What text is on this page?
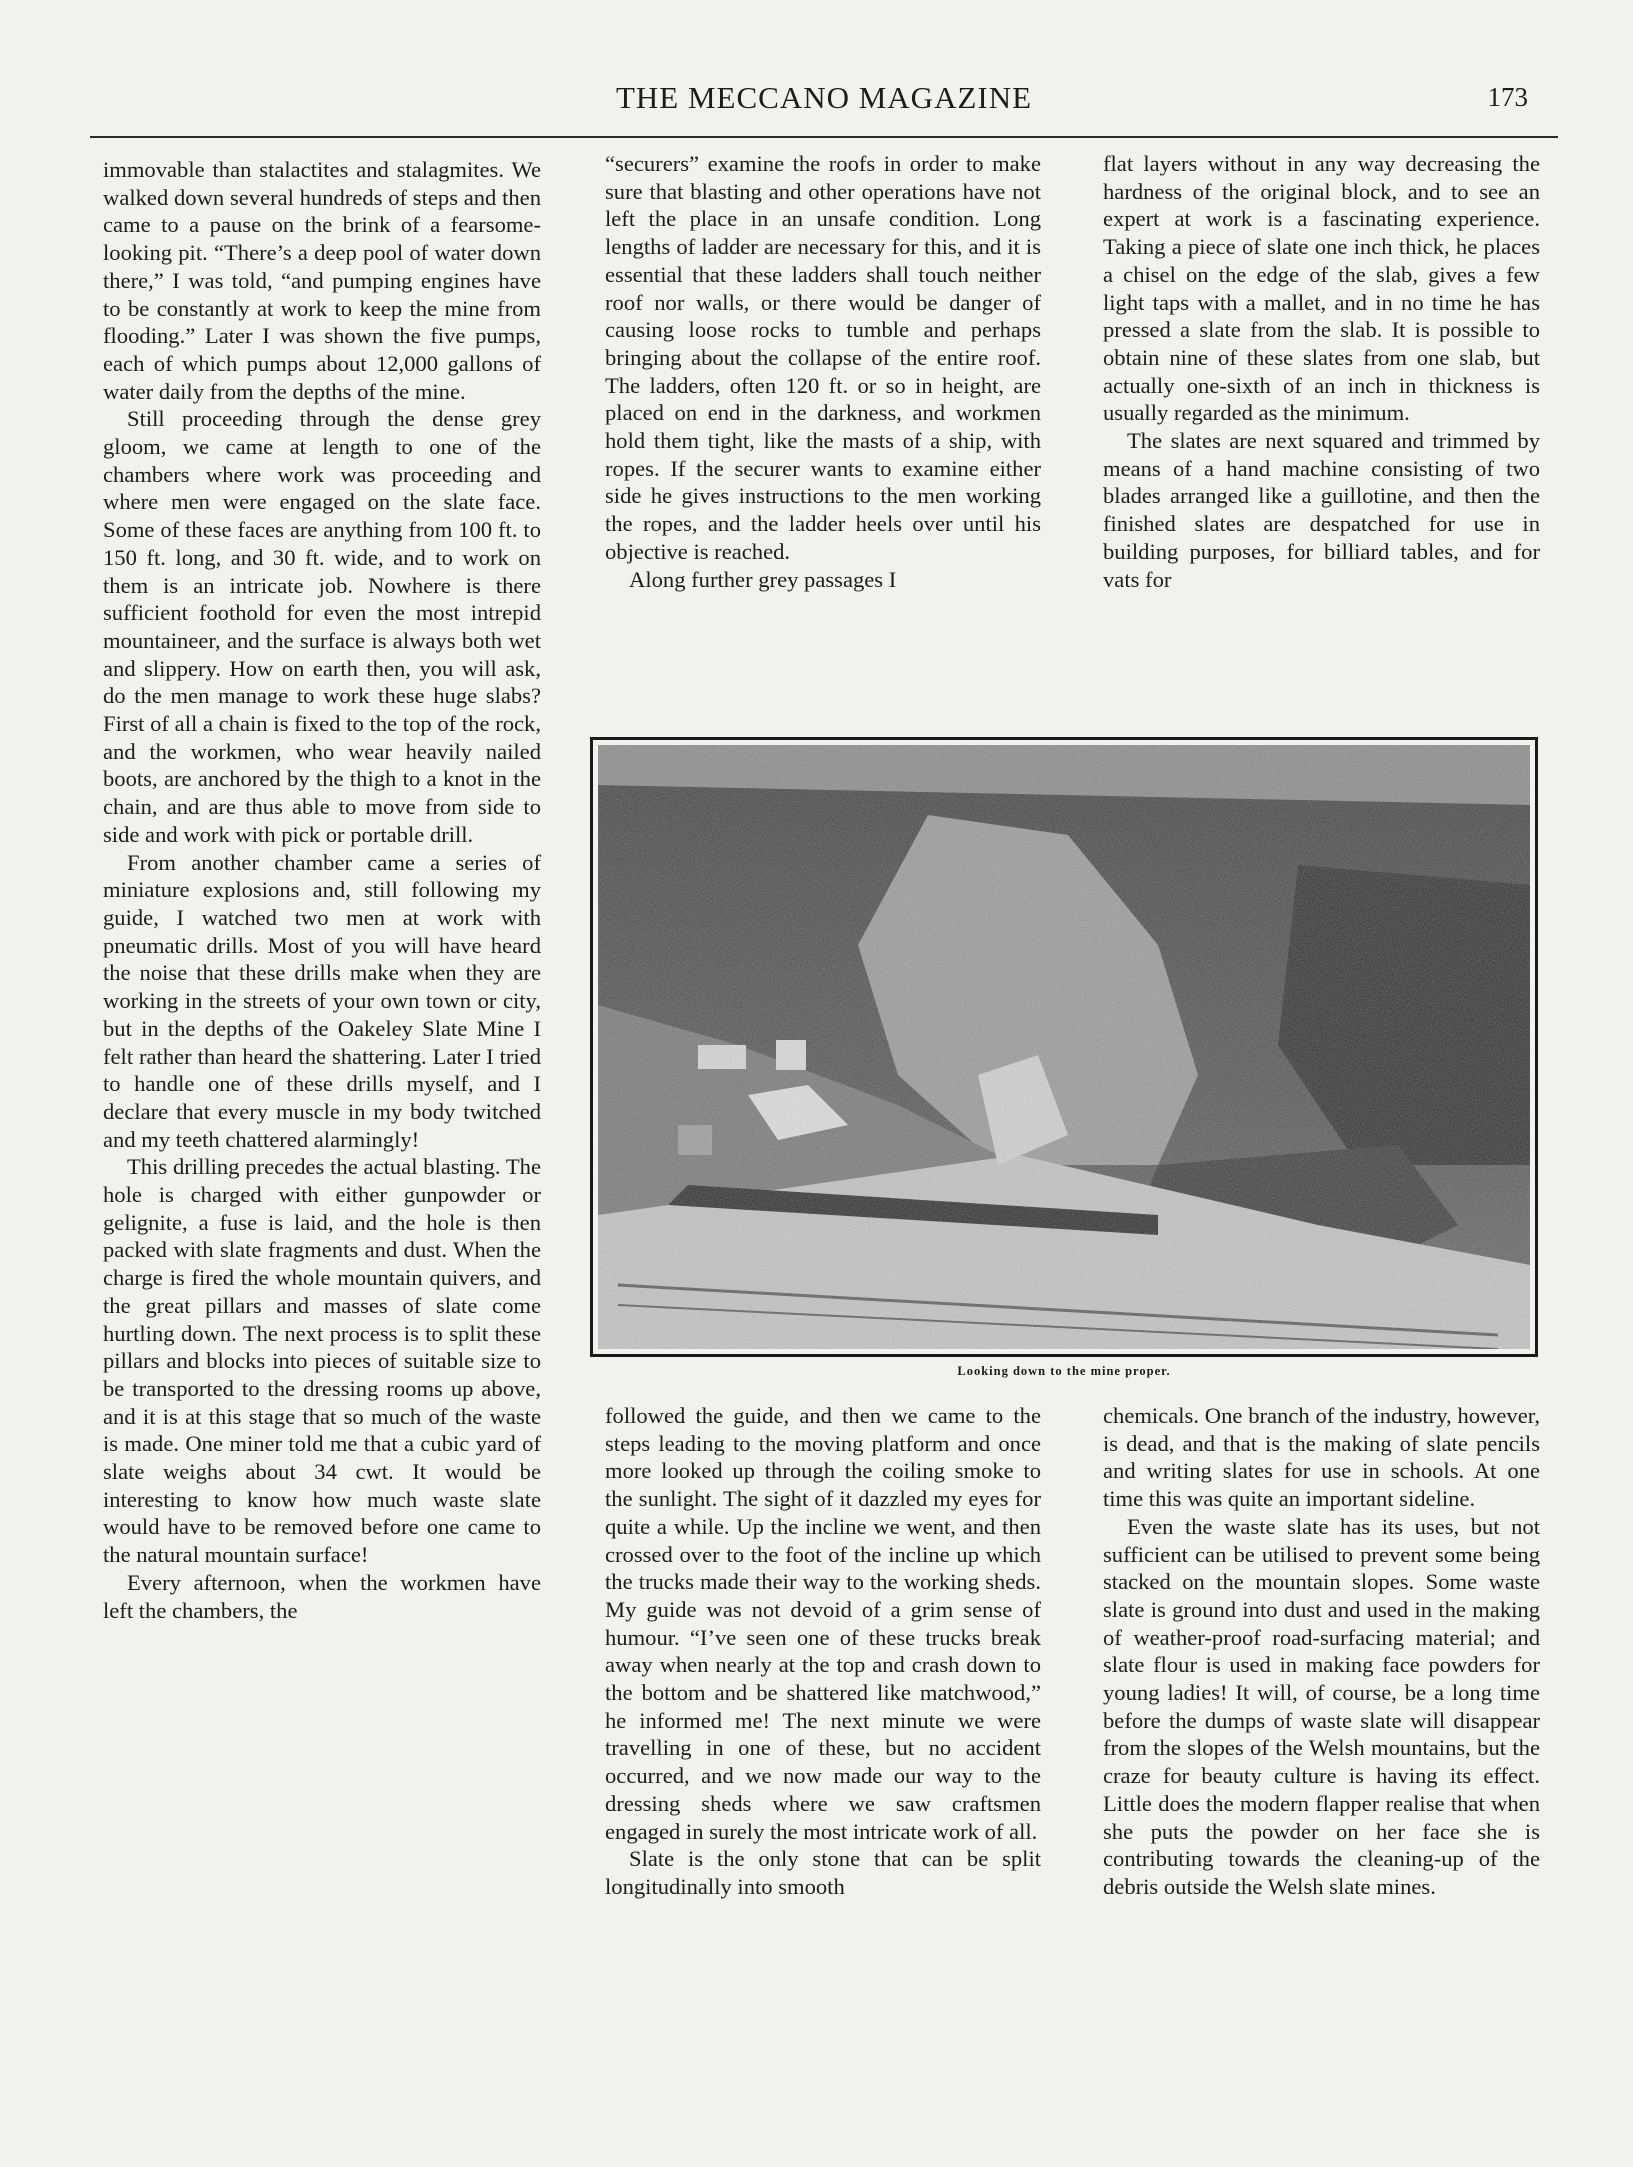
THE MECCANO MAGAZINE	173

immovable than stalactites and stalagmites. We walked down several hundreds of steps and then came to a pause on the brink of a fearsome-looking pit. “There’s a deep pool of water down there,” I was told, “and pumping engines have to be constantly at work to keep the mine from flooding.” Later I was shown the five pumps, each of which pumps about 12,000 gallons of water daily from the depths of the mine.

Still proceeding through the dense grey gloom, we came at length to one of the chambers where work was proceeding and where men were engaged on the slate face. Some of these faces are anything from 100 ft. to 150 ft. long, and 30 ft. wide, and to work on them is an intricate job. Nowhere is there sufficient foothold for even the most intrepid mountaineer, and the surface is always both wet and slippery. How on earth then, you will ask, do the men manage to work these huge slabs? First of all a chain is fixed to the top of the rock, and the workmen, who wear heavily nailed boots, are anchored by the thigh to a knot in the chain, and are thus able to move from side to side and work with pick or portable drill.

From another chamber came a series of miniature explosions and, still following my guide, I watched two men at work with pneumatic drills. Most of you will have heard the noise that these drills make when they are working in the streets of your own town or city, but in the depths of the Oakeley Slate Mine I felt rather than heard the shattering. Later I tried to handle one of these drills myself, and I declare that every muscle in my body twitched and my teeth chattered alarmingly!

This drilling precedes the actual blasting. The hole is charged with either gunpowder or gelignite, a fuse is laid, and the hole is then packed with slate fragments and dust. When the charge is fired the whole mountain quivers, and the great pillars and masses of slate come hurtling down. The next process is to split these pillars and blocks into pieces of suitable size to be transported to the dressing rooms up above, and it is at this stage that so much of the waste is made. One miner told me that a cubic yard of slate weighs about 34 cwt. It would be interesting to know how much waste slate would have to be removed before one came to the natural mountain surface!

Every afternoon, when the workmen have left the chambers, the

“securers” examine the roofs in order to make sure that blasting and other operations have not left the place in an unsafe condition. Long lengths of ladder are necessary for this, and it is essential that these ladders shall touch neither roof nor walls, or there would be danger of causing loose rocks to tumble and perhaps bringing about the collapse of the entire roof. The ladders, often 120 ft. or so in height, are placed on end in the darkness, and workmen hold them tight, like the masts of a ship, with ropes. If the securer wants to examine either side he gives instructions to the men working the ropes, and the ladder heels over until his objective is reached.

Along further grey passages I

flat layers without in any way decreasing the hardness of the original block, and to see an expert at work is a fascinating experience. Taking a piece of slate one inch thick, he places a chisel on the edge of the slab, gives a few light taps with a mallet, and in no time he has pressed a slate from the slab. It is possible to obtain nine of these slates from one slab, but actually one-sixth of an inch in thickness is usually regarded as the minimum.

The slates are next squared and trimmed by means of a hand machine consisting of two blades arranged like a guillotine, and then the finished slates are despatched for use in building purposes, for billiard tables, and for vats for

Looking down to the mine proper.

followed the guide, and then we came to the steps leading to the moving platform and once more looked up through the coiling smoke to the sunlight. The sight of it dazzled my eyes for quite a while. Up the incline we went, and then crossed over to the foot of the incline up which the trucks made their way to the working sheds. My guide was not devoid of a grim sense of humour. “I’ve seen one of these trucks break away when nearly at the top and crash down to the bottom and be shattered like matchwood,” he informed me! The next minute we were travelling in one of these, but no accident occurred, and we now made our way to the dressing sheds where we saw craftsmen engaged in surely the most intricate work of all.

Slate is the only stone that can be split longitudinally into smooth

chemicals. One branch of the industry, however, is dead, and that is the making of slate pencils and writing slates for use in schools. At one time this was quite an important sideline.

Even the waste slate has its uses, but not sufficient can be utilised to prevent some being stacked on the mountain slopes. Some waste slate is ground into dust and used in the making of weather-proof road-surfacing material; and slate flour is used in making face powders for young ladies! It will, of course, be a long time before the dumps of waste slate will disappear from the slopes of the Welsh mountains, but the craze for beauty culture is having its effect. Little does the modern flapper realise that when she puts the powder on her face she is contributing towards the cleaning-up of the debris outside the Welsh slate mines.
